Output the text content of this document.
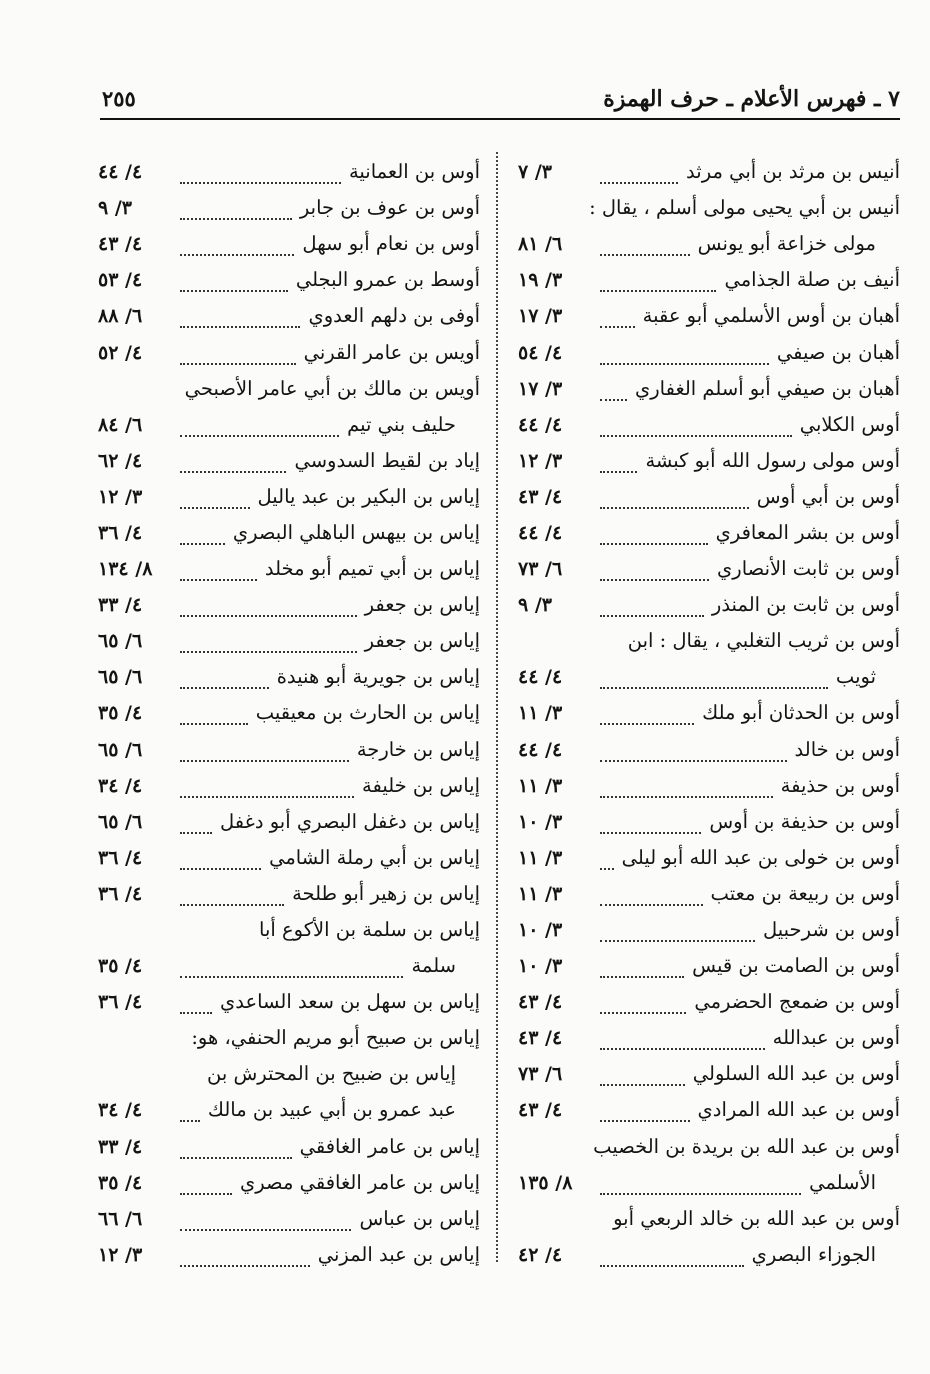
٧ ـ فهرس الأعلام ـ حرف الهمزة
٢٥٥
أنيس بن مرثد بن أبي مرثد
٣/ ٧
أنيس بن أبي يحيى مولى أسلم ، يقال :
مولى خزاعة أبو يونس
٦/ ٨١
أنيف بن صلة الجذامي
٣/ ١٩
أهبان بن أوس الأسلمي أبو عقبة
٣/ ١٧
أهبان بن صيفي
٤/ ٥٤
أهبان بن صيفي أبو أسلم الغفاري
٣/ ١٧
أوس الكلابي
٤/ ٤٤
أوس مولى رسول الله أبو كبشة
٣/ ١٢
أوس بن أبي أوس
٤/ ٤٣
أوس بن بشر المعافري
٤/ ٤٤
أوس بن ثابت الأنصاري
٦/ ٧٣
أوس بن ثابت بن المنذر
٣/ ٩
أوس بن ثريب التغلبي ، يقال : ابن
ثويب
٤/ ٤٤
أوس بن الحدثان أبو ملك
٣/ ١١
أوس بن خالد
٤/ ٤٤
أوس بن حذيفة
٣/ ١١
أوس بن حذيفة بن أوس
٣/ ١٠
أوس بن خولى بن عبد الله أبو ليلى
٣/ ١١
أوس بن ربيعة بن معتب
٣/ ١١
أوس بن شرحبيل
٣/ ١٠
أوس بن الصامت بن قيس
٣/ ١٠
أوس بن ضمعج الحضرمي
٤/ ٤٣
أوس بن عبدالله
٤/ ٤٣
أوس بن عبد الله السلولي
٦/ ٧٣
أوس بن عبد الله المرادي
٤/ ٤٣
أوس بن عبد الله بن بريدة بن الخصيب
الأسلمي
٨/ ١٣٥
أوس بن عبد الله بن خالد الربعي أبو
الجوزاء البصري
٤/ ٤٢
أوس بن العمانية
٤/ ٤٤
أوس بن عوف بن جابر
٣/ ٩
أوس بن نعام أبو سهل
٤/ ٤٣
أوسط بن عمرو البجلي
٤/ ٥٣
أوفى بن دلهم العدوي
٦/ ٨٨
أويس بن عامر القرني
٤/ ٥٢
أويس بن مالك بن أبي عامر الأصبحي
حليف بني تيم
٦/ ٨٤
إياد بن لقيط السدوسي
٤/ ٦٢
إياس بن البكير بن عبد ياليل
٣/ ١٢
إياس بن بيهس الباهلي البصري
٤/ ٣٦
إياس بن أبي تميم أبو مخلد
٨/ ١٣٤
إياس بن جعفر
٤/ ٣٣
إياس بن جعفر
٦/ ٦٥
إياس بن جويرية أبو هنيدة
٦/ ٦٥
إياس بن الحارث بن معيقيب
٤/ ٣٥
إياس بن خارجة
٦/ ٦٥
إياس بن خليفة
٤/ ٣٤
إياس بن دغفل البصري أبو دغفل
٦/ ٦٥
إياس بن أبي رملة الشامي
٤/ ٣٦
إياس بن زهير أبو طلحة
٤/ ٣٦
إياس بن سلمة بن الأكوع أبا
سلمة
٤/ ٣٥
إياس بن سهل بن سعد الساعدي
٤/ ٣٦
إياس بن صبيح أبو مريم الحنفي، هو:
إياس بن ضبيح بن المحترش بن
عبد عمرو بن أبي عبيد بن مالك
٤/ ٣٤
إياس بن عامر الغافقي
٤/ ٣٣
إياس بن عامر الغافقي مصري
٤/ ٣٥
إياس بن عباس
٦/ ٦٦
إياس بن عبد المزني
٣/ ١٢
